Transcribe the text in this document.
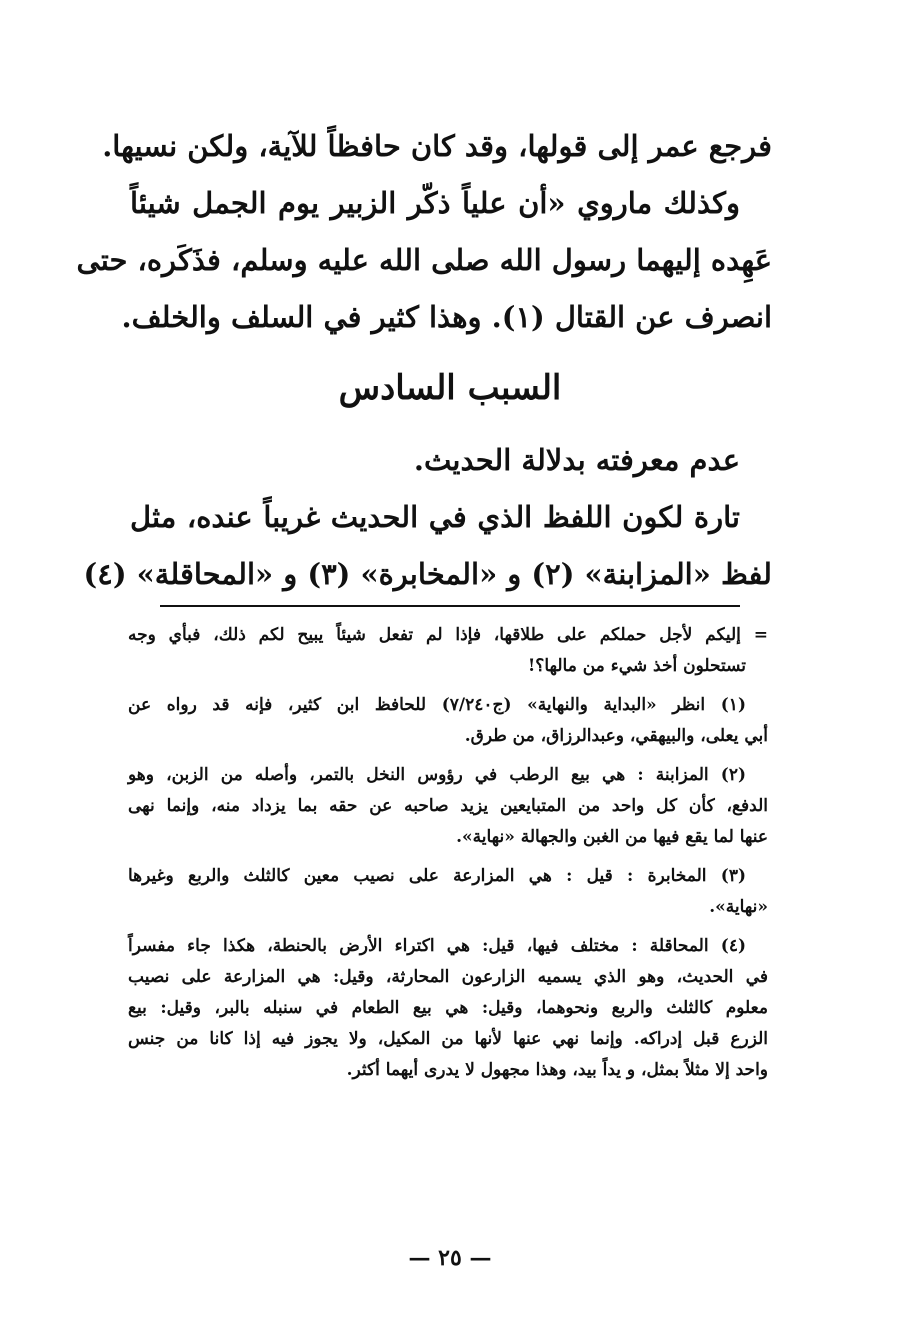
فرجع عمر إلى قولها، وقد كان حافظاً للآية، ولكن نسيها.
وكذلك ماروي «أن علياً ذكّر الزبير يوم الجمل شيئاً
عَهِده إليهما رسول الله صلى الله عليه وسلم، فذَكَره، حتى
انصرف عن القتال (١). وهذا كثير في السلف والخلف.
السبب السادس
عدم معرفته بدلالة الحديث.
تارة لكون اللفظ الذي في الحديث غريباً عنده، مثل
لفظ «المزابنة» (٢) و «المخابرة» (٣) و «المحاقلة» (٤)
= إليكم لأجل حملكم على طلاقها، فإذا لم تفعل شيئاً يبيح لكم ذلك، فبأي وجه
تستحلون أخذ شيء من مالها؟!
(١) انظر «البداية والنهاية» (ج٧/٢٤٠) للحافظ ابن كثير، فإنه قد رواه عن
أبي يعلى، والبيهقي، وعبدالرزاق، من طرق.
(٢) المزابنة : هي بيع الرطب في رؤوس النخل بالتمر، وأصله من الزبن، وهو
الدفع، كأن كل واحد من المتبايعين يزيد صاحبه عن حقه بما يزداد منه، وإنما نهى
عنها لما يقع فيها من الغبن والجهالة «نهاية».
(٣) المخابرة : قيل : هي المزارعة على نصيب معين كالثلث والربع وغيرها
«نهاية».
(٤) المحاقلة : مختلف فيها، قيل: هي اكتراء الأرض بالحنطة، هكذا جاء مفسراً
في الحديث، وهو الذي يسميه الزارعون المحارثة، وقيل: هي المزارعة على نصيب
معلوم كالثلث والربع ونحوهما، وقيل: هي بيع الطعام في سنبله بالبر، وقيل: بيع
الزرع قبل إدراكه. وإنما نهي عنها لأنها من المكيل، ولا يجوز فيه إذا كانا من جنس
واحد إلا مثلاً بمثل، و يداً بيد، وهذا مجهول لا يدرى أيهما أكثر.
— ٢٥ —
